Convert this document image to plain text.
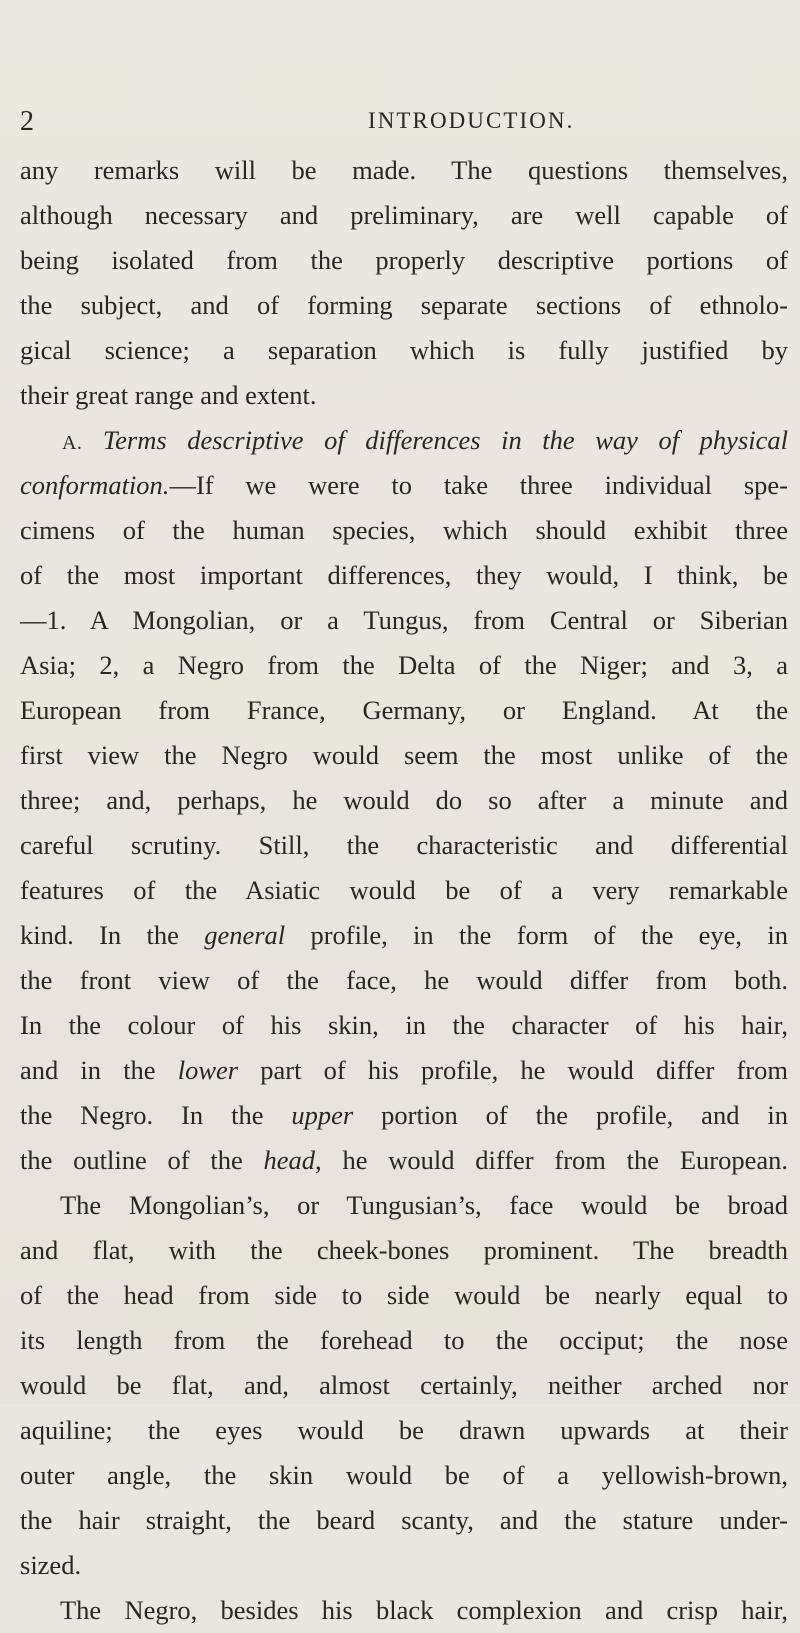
2	INTRODUCTION.
any remarks will be made. The questions themselves,
although necessary and preliminary, are well capable of
being isolated from the properly descriptive portions of
the subject, and of forming separate sections of ethnolo-
gical science; a separation which is fully justified by
their great range and extent.
A. Terms descriptive of differences in the way of physical
conformation.—If we were to take three individual spe-
cimens of the human species, which should exhibit three
of the most important differences, they would, I think, be
—1. A Mongolian, or a Tungus, from Central or Siberian
Asia; 2, a Negro from the Delta of the Niger; and 3, a
European from France, Germany, or England. At the
first view the Negro would seem the most unlike of the
three; and, perhaps, he would do so after a minute and
careful scrutiny. Still, the characteristic and differential
features of the Asiatic would be of a very remarkable
kind. In the general profile, in the form of the eye, in
the front view of the face, he would differ from both.
In the colour of his skin, in the character of his hair,
and in the lower part of his profile, he would differ from
the Negro. In the upper portion of the profile, and in
the outline of the head, he would differ from the European.
The Mongolian’s, or Tungusian’s, face would be broad
and flat, with the cheek-bones prominent. The breadth
of the head from side to side would be nearly equal to
its length from the forehead to the occiput; the nose
would be flat, and, almost certainly, neither arched nor
aquiline; the eyes would be drawn upwards at their
outer angle, the skin would be of a yellowish-brown,
the hair straight, the beard scanty, and the stature under-
sized.
The Negro, besides his black complexion and crisp hair,
